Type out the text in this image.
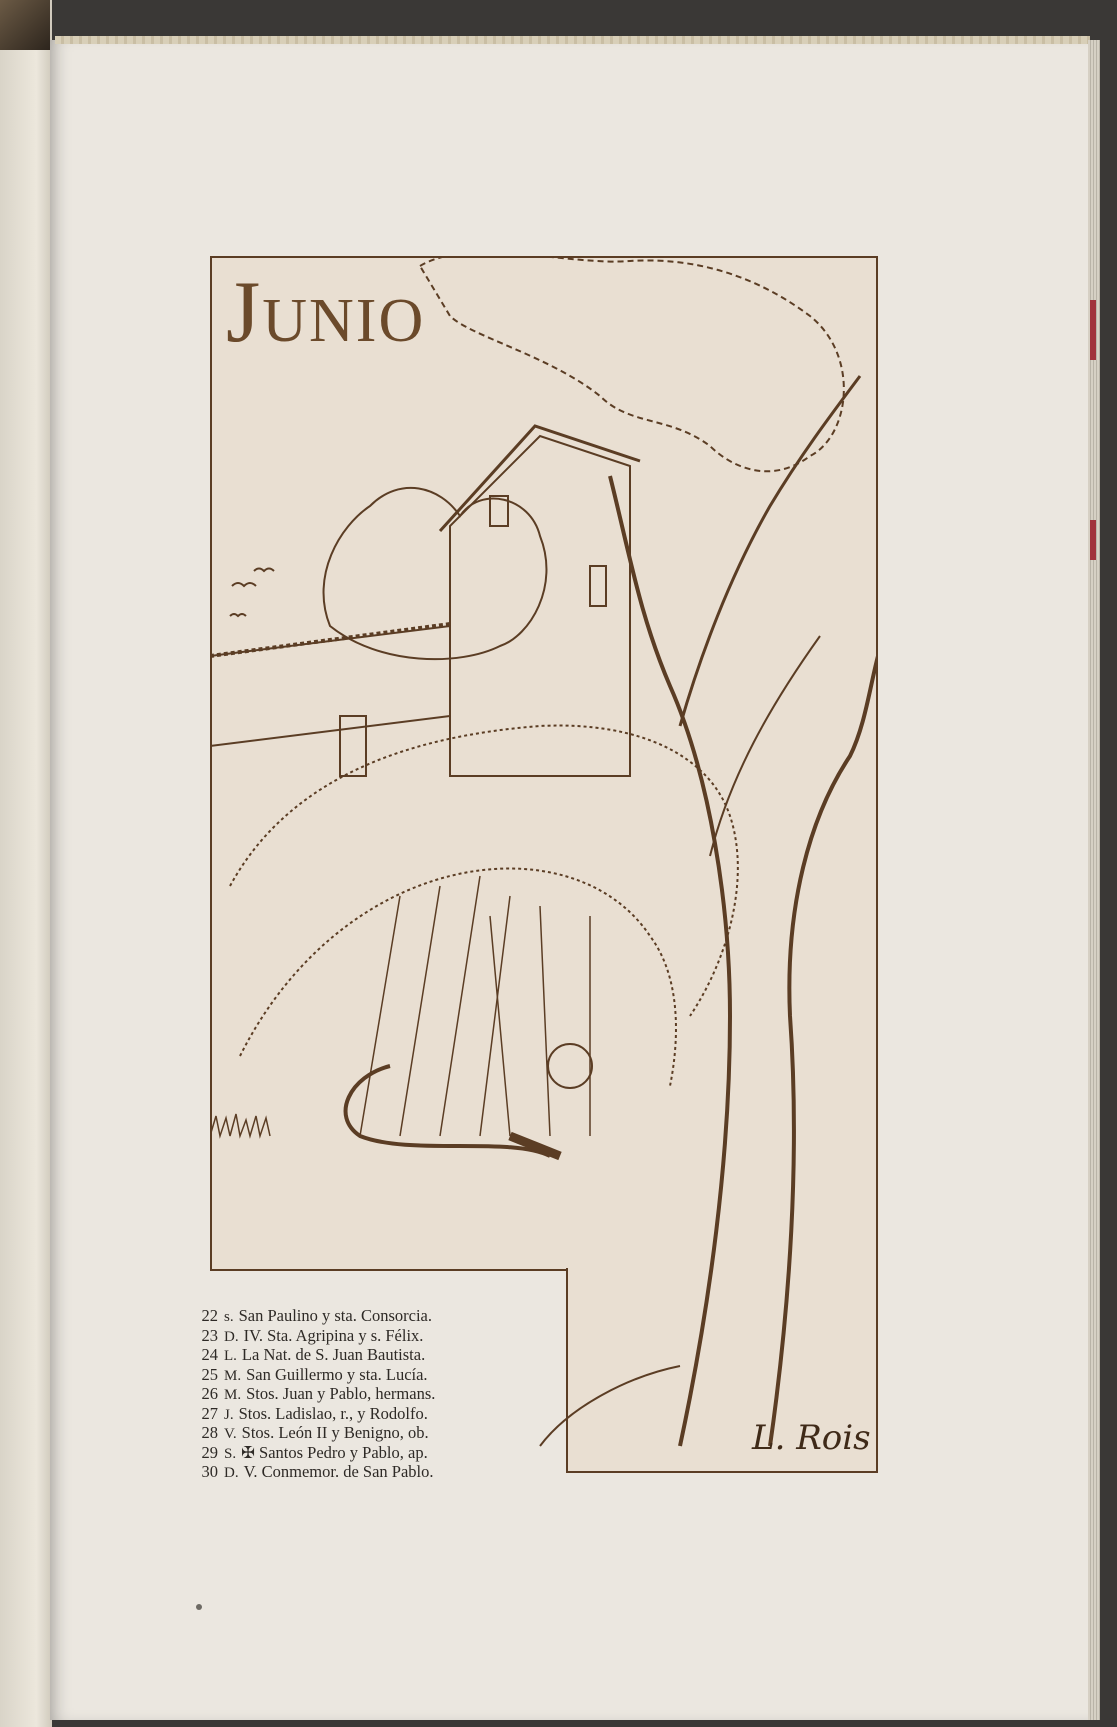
Junio
L. Rois
22 s. San Paulino y sta. Consorcia.
23 D. IV. Sta. Agripina y s. Félix.
24 L. La Nat. de S. Juan Bautista.
25 M. San Guillermo y sta. Lucía.
26 M. Stos. Juan y Pablo, hermans.
27 J. Stos. Ladislao, r., y Rodolfo.
28 V. Stos. León II y Benigno, ob.
29 S. ✠ Santos Pedro y Pablo, ap.
30 D. V. Conmemor. de San Pablo.
